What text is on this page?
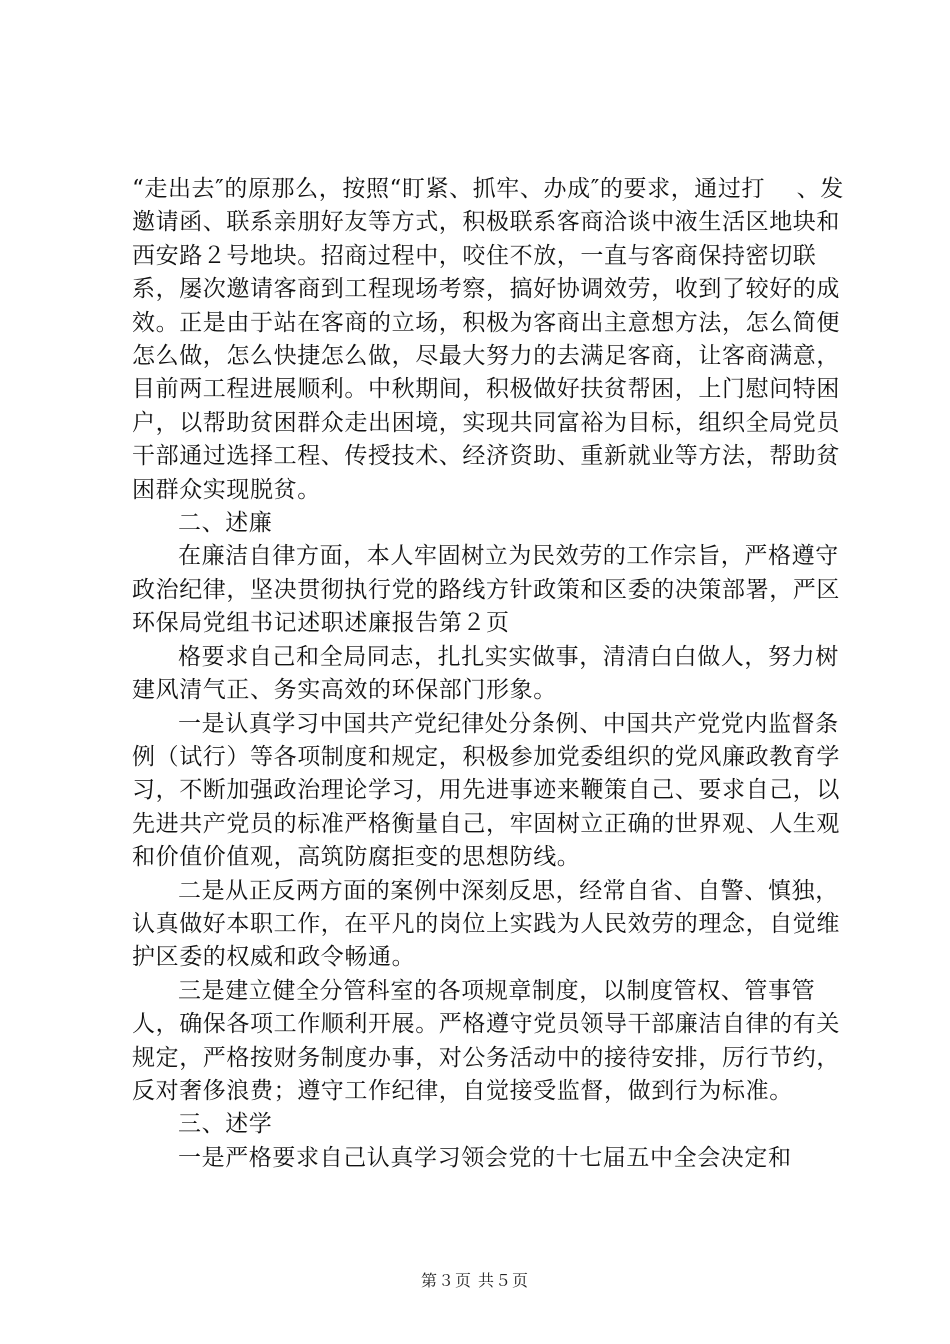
“走出去″的原那么，按照“盯紧、抓牢、办成″的要求，通过打 　、发邀请函、联系亲朋好友等方式，积极联系客商洽谈中液生活区地块和西安路２号地块。招商过程中，咬住不放，一直与客商保持密切联系，屡次邀请客商到工程现场考察，搞好协调效劳，收到了较好的成效。正是由于站在客商的立场，积极为客商出主意想方法，怎么简便怎么做，怎么快捷怎么做，尽最大努力的去满足客商，让客商满意，目前两工程进展顺利。中秋期间，积极做好扶贫帮困，上门慰问特困户，以帮助贫困群众走出困境，实现共同富裕为目标，组织全局党员干部通过选择工程、传授技术、经济资助、重新就业等方法，帮助贫困群众实现脱贫。

二、述廉

在廉洁自律方面，本人牢固树立为民效劳的工作宗旨，严格遵守政治纪律，坚决贯彻执行党的路线方针政策和区委的决策部署，严区环保局党组书记述职述廉报告第２页

格要求自己和全局同志，扎扎实实做事，清清白白做人，努力树建风清气正、务实高效的环保部门形象。

一是认真学习中国共产党纪律处分条例、中国共产党党内监督条例（试行）等各项制度和规定，积极参加党委组织的党风廉政教育学习，不断加强政治理论学习，用先进事迹来鞭策自己、要求自己，以先进共产党员的标准严格衡量自己，牢固树立正确的世界观、人生观和价值价值观，高筑防腐拒变的思想防线。

二是从正反两方面的案例中深刻反思，经常自省、自警、慎独，认真做好本职工作，在平凡的岗位上实践为人民效劳的理念，自觉维护区委的权威和政令畅通。

三是建立健全分管科室的各项规章制度，以制度管权、管事管人，确保各项工作顺利开展。严格遵守党员领导干部廉洁自律的有关规定，严格按财务制度办事，对公务活动中的接待安排，厉行节约，反对奢侈浪费；遵守工作纪律，自觉接受监督，做到行为标准。

三、述学

一是严格要求自己认真学习领会党的十七届五中全会决定和

第３页 共５页
